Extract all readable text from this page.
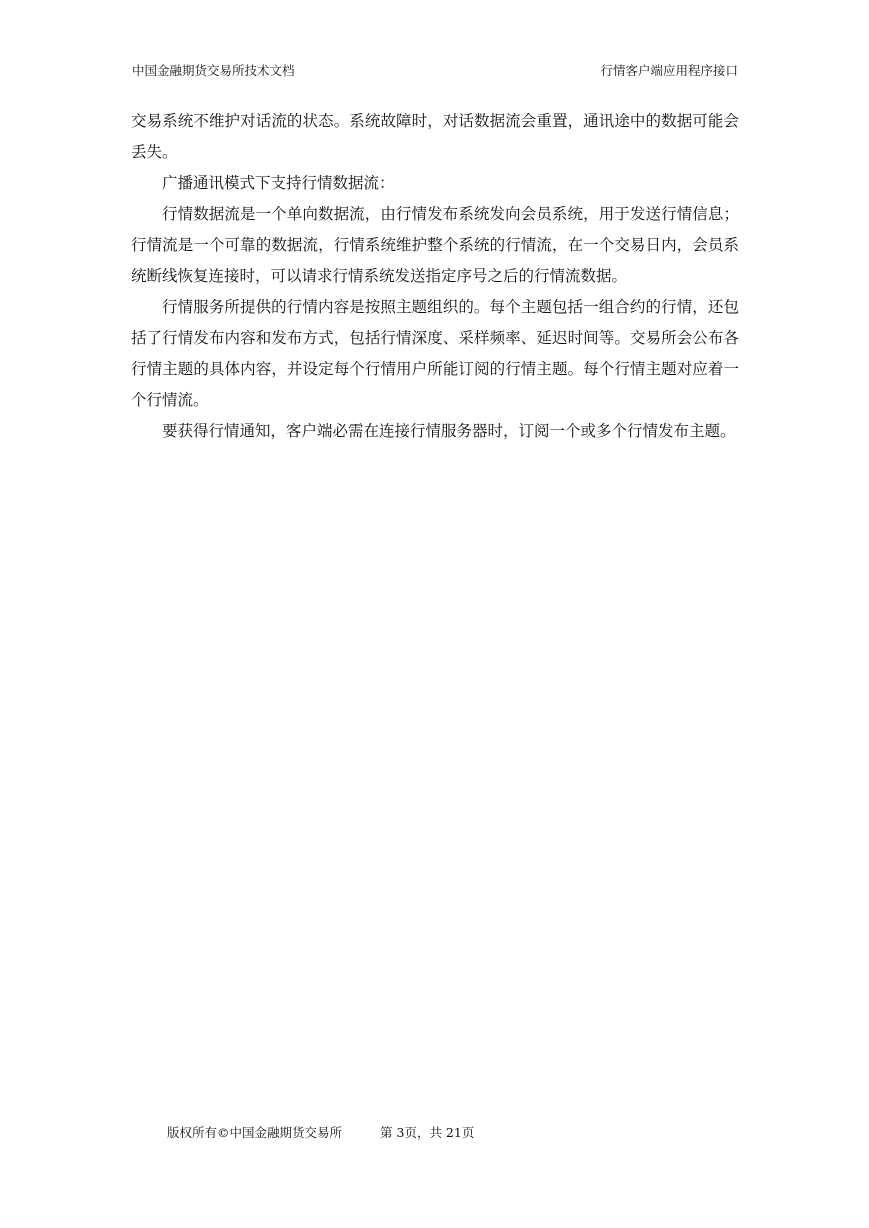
中国金融期货交易所技术文档	行情客户端应用程序接口

交易系统不维护对话流的状态。系统故障时，对话数据流会重置，通讯途中的数据可能会丢失。

广播通讯模式下支持行情数据流：

行情数据流是一个单向数据流，由行情发布系统发向会员系统，用于发送行情信息；行情流是一个可靠的数据流，行情系统维护整个系统的行情流，在一个交易日内，会员系统断线恢复连接时，可以请求行情系统发送指定序号之后的行情流数据。

行情服务所提供的行情内容是按照主题组织的。每个主题包括一组合约的行情，还包括了行情发布内容和发布方式，包括行情深度、采样频率、延迟时间等。交易所会公布各行情主题的具体内容，并设定每个行情用户所能订阅的行情主题。每个行情主题对应着一个行情流。

要获得行情通知，客户端必需在连接行情服务器时，订阅一个或多个行情发布主题。

版权所有©中国金融期货交易所	第 3页，共 21页
